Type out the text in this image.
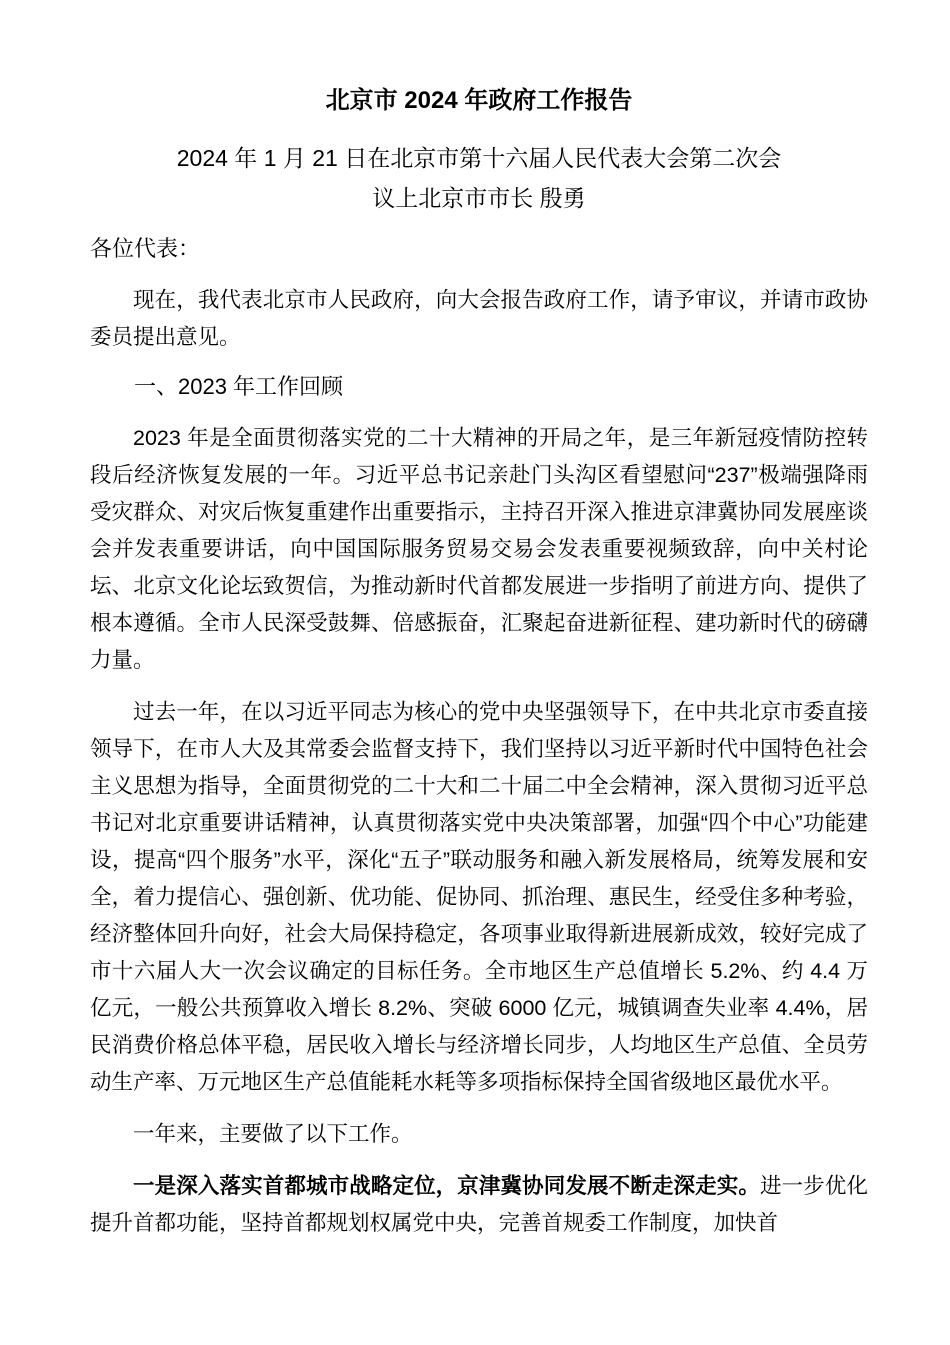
北京市 2024 年政府工作报告
2024 年 1 月 21 日在北京市第十六届人民代表大会第二次会
议上北京市市长 殷勇

各位代表：

现在，我代表北京市人民政府，向大会报告政府工作，请予审议，并请市政协委员提出意见。

一、2023 年工作回顾

2023 年是全面贯彻落实党的二十大精神的开局之年，是三年新冠疫情防控转段后经济恢复发展的一年。习近平总书记亲赴门头沟区看望慰问“237”极端强降雨受灾群众、对灾后恢复重建作出重要指示，主持召开深入推进京津冀协同发展座谈会并发表重要讲话，向中国国际服务贸易交易会发表重要视频致辞，向中关村论坛、北京文化论坛致贺信，为推动新时代首都发展进一步指明了前进方向、提供了根本遵循。全市人民深受鼓舞、倍感振奋，汇聚起奋进新征程、建功新时代的磅礴力量。

过去一年，在以习近平同志为核心的党中央坚强领导下，在中共北京市委直接领导下，在市人大及其常委会监督支持下，我们坚持以习近平新时代中国特色社会主义思想为指导，全面贯彻党的二十大和二十届二中全会精神，深入贯彻习近平总书记对北京重要讲话精神，认真贯彻落实党中央决策部署，加强“四个中心”功能建设，提高“四个服务”水平，深化“五子”联动服务和融入新发展格局，统筹发展和安全，着力提信心、强创新、优功能、促协同、抓治理、惠民生，经受住多种考验，经济整体回升向好，社会大局保持稳定，各项事业取得新进展新成效，较好完成了市十六届人大一次会议确定的目标任务。全市地区生产总值增长 5.2%、约 4.4 万亿元，一般公共预算收入增长 8.2%、突破 6000 亿元，城镇调查失业率 4.4%，居民消费价格总体平稳，居民收入增长与经济增长同步，人均地区生产总值、全员劳动生产率、万元地区生产总值能耗水耗等多项指标保持全国省级地区最优水平。

一年来，主要做了以下工作。

一是深入落实首都城市战略定位，京津冀协同发展不断走深走实。进一步优化提升首都功能，坚持首都规划权属党中央，完善首规委工作制度，加快首
